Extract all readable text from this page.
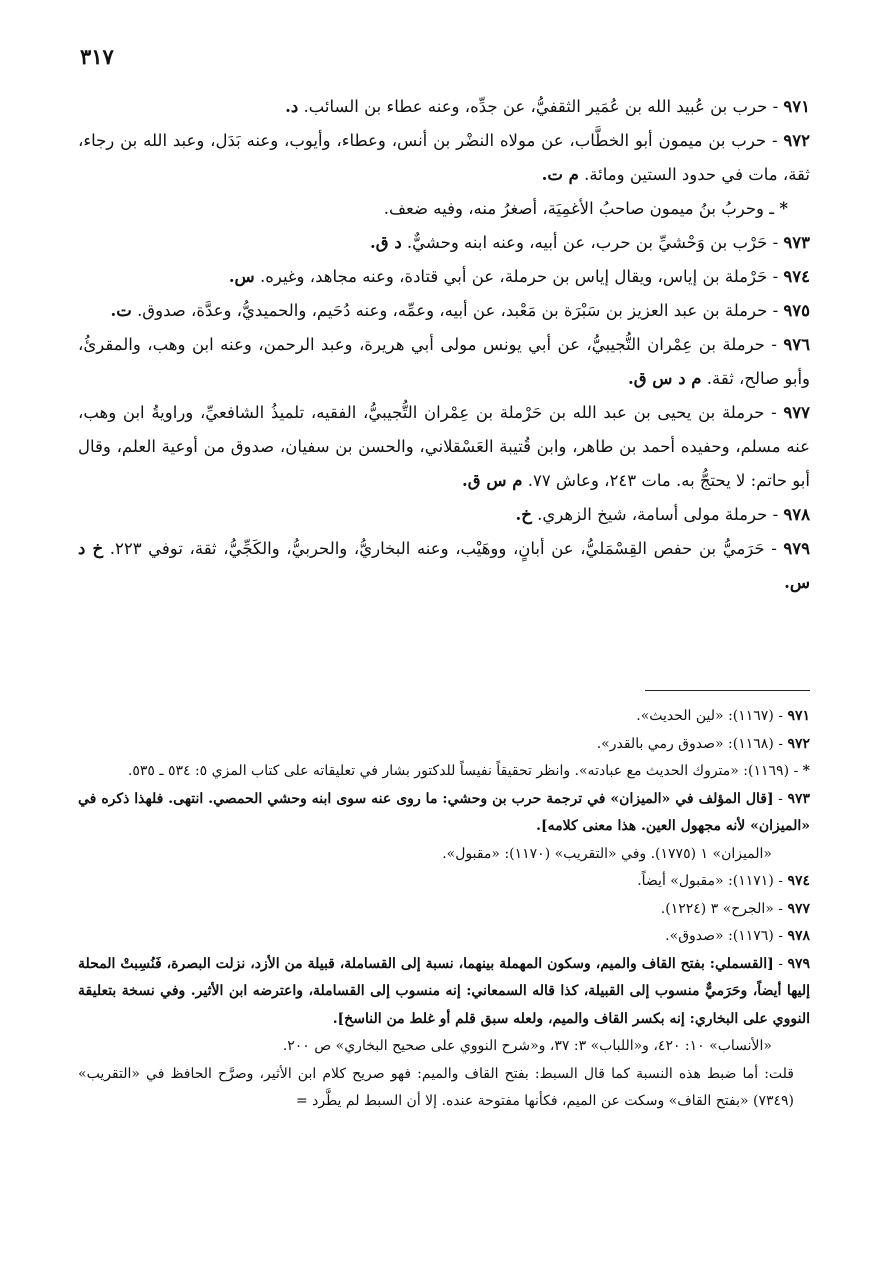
٣١٧

٩٧١ - حرب بن عُبيد الله بن عُمَير الثقفيُّ، عن جدِّه، وعنه عطاء بن السائب. د.

٩٧٢ - حرب بن ميمون أبو الخطَّاب، عن مولاه النضْر بن أنس، وعطاء، وأيوب، وعنه بَدَل، وعبد الله بن رجاء، ثقة، مات في حدود الستين ومائة. م ت.

* ـ وحربُ بنُ ميمون صاحبُ الأغمِيَة، أصغرُ منه، وفيه ضعف.

٩٧٣ - حَرْب بن وَحْشيِّ بن حرب، عن أبيه، وعنه ابنه وحشيٌّ. د ق.

٩٧٤ - حَرْملة بن إياس، ويقال إياس بن حرملة، عن أبي قتادة، وعنه مجاهد، وغيره. س.

٩٧٥ - حرملة بن عبد العزيز بن سَبْرَة بن مَعْبد، عن أبيه، وعمِّه، وعنه دُحَيم، والحميديُّ، وعدَّة، صدوق. ت.

٩٧٦ - حرملة بن عِمْران التُّجيبيُّ، عن أبي يونس مولى أبي هريرة، وعبد الرحمن، وعنه ابن وهب، والمقرئُ، وأبو صالح، ثقة. م د س ق.

٩٧٧ - حرملة بن يحيى بن عبد الله بن حَرْملة بن عِمْران التُّجيبيُّ، الفقيه، تلميذُ الشافعيِّ، وراويةُ ابن وهب، عنه مسلم، وحفيده أحمد بن طاهر، وابن قُتيبة العَسْقلاني، والحسن بن سفيان، صدوق من أوعية العلم، وقال أبو حاتم: لا يحتجُّ به. مات ٢٤٣، وعاش ٧٧. م س ق.

٩٧٨ - حرملة مولى أسامة، شيخ الزهري. خ.

٩٧٩ - حَرَميُّ بن حفص القِسْمَليُّ، عن أبانٍ، ووهَيْب، وعنه البخاريُّ، والحربيُّ، والكَجِّيُّ، ثقة، توفي ٢٢٣. خ د س.

٩٧١ - (١١٦٧): «لين الحديث».

٩٧٢ - (١١٦٨): «صدوق رمي بالقدر».

* - (١١٦٩): «متروك الحديث مع عبادته». وانظر تحقيقاً نفيساً للدكتور بشار في تعليقاته على كتاب المزي ٥: ٥٣٤ ـ ٥٣٥.

٩٧٣ - [قال المؤلف في «الميزان» في ترجمة حرب بن وحشي: ما روى عنه سوى ابنه وحشي الحمصي. انتهى. فلهذا ذكره في «الميزان» لأنه مجهول العين. هذا معنى كلامه].

«الميزان» ١ (١٧٧٥). وفي «التقريب» (١١٧٠): «مقبول».

٩٧٤ - (١١٧١): «مقبول» أيضاً.

٩٧٧ - «الجرح» ٣ (١٢٢٤).

٩٧٨ - (١١٧٦): «صدوق».

٩٧٩ - [القسملي: بفتح القاف والميم، وسكون المهملة بينهما، نسبة إلى القساملة، قبيلة من الأزد، نزلت البصرة، فَنُسِبتْ المحلة إليها أيضاً، وحَرَميٌّ منسوب إلى القبيلة، كذا قاله السمعاني: إنه منسوب إلى القساملة، واعترضه ابن الأثير. وفي نسخة بتعليقة النووي على البخاري: إنه بكسر القاف والميم، ولعله سبق قلم أو غلط من الناسخ].

«الأنساب» ١٠: ٤٢٠، و«اللباب» ٣: ٣٧، و«شرح النووي على صحيح البخاري» ص ٢٠٠.

قلت: أما ضبط هذه النسبة كما قال السبط: بفتح القاف والميم: فهو صريح كلام ابن الأثير، وصرَّح الحافظ في «التقريب» (٧٣٤٩) «بفتح القاف» وسكت عن الميم، فكأنها مفتوحة عنده. إلا أن السبط لم يطَّرد =
